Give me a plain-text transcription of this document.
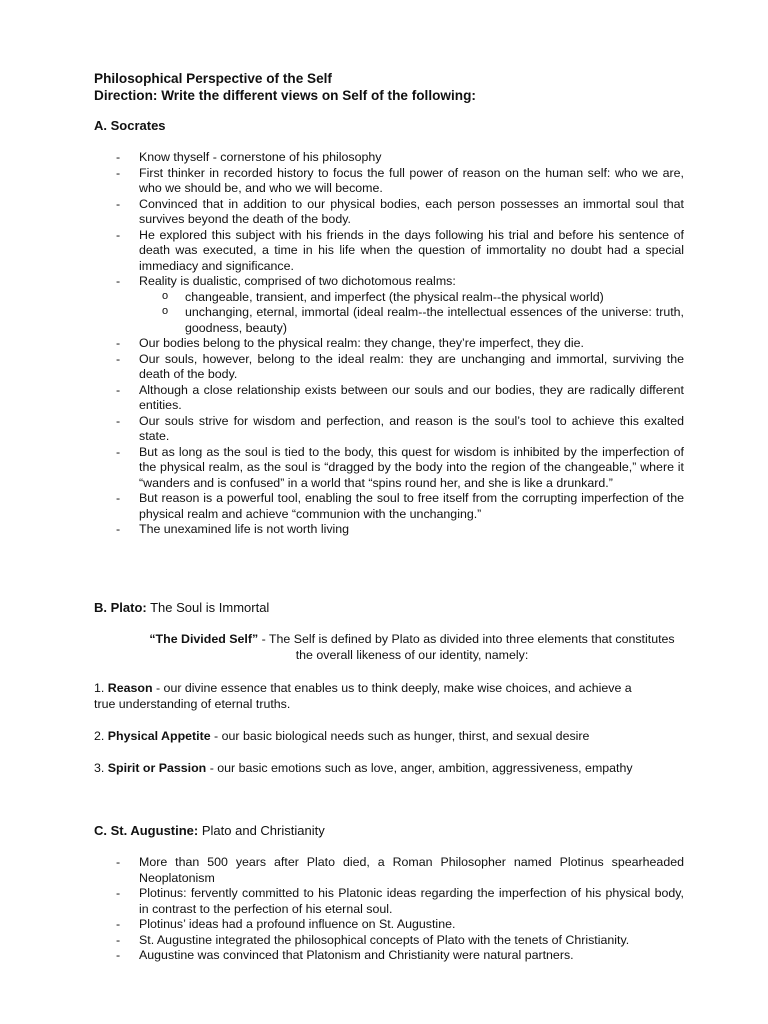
Philosophical Perspective of the Self
Direction: Write the different views on Self of the following:
A. Socrates
- Know thyself - cornerstone of his philosophy
- First thinker in recorded history to focus the full power of reason on the human self: who we are, who we should be, and who we will become.
- Convinced that in addition to our physical bodies, each person possesses an immortal soul that survives beyond the death of the body.
- He explored this subject with his friends in the days following his trial and before his sentence of death was executed, a time in his life when the question of immortality no doubt had a special immediacy and significance.
- Reality is dualistic, comprised of two dichotomous realms:
o changeable, transient, and imperfect (the physical realm--the physical world)
o unchanging, eternal, immortal (ideal realm--the intellectual essences of the universe: truth, goodness, beauty)
- Our bodies belong to the physical realm: they change, they’re imperfect, they die.
- Our souls, however, belong to the ideal realm: they are unchanging and immortal, surviving the death of the body.
- Although a close relationship exists between our souls and our bodies, they are radically different entities.
- Our souls strive for wisdom and perfection, and reason is the soul’s tool to achieve this exalted state.
- But as long as the soul is tied to the body, this quest for wisdom is inhibited by the imperfection of the physical realm, as the soul is “dragged by the body into the region of the changeable,” where it “wanders and is confused” in a world that “spins round her, and she is like a drunkard.”
- But reason is a powerful tool, enabling the soul to free itself from the corrupting imperfection of the physical realm and achieve “communion with the unchanging.”
- The unexamined life is not worth living
B. Plato: The Soul is Immortal
“The Divided Self” - The Self is defined by Plato as divided into three elements that constitutes the overall likeness of our identity, namely:
1. Reason - our divine essence that enables us to think deeply, make wise choices, and achieve a true understanding of eternal truths.
2. Physical Appetite - our basic biological needs such as hunger, thirst, and sexual desire
3. Spirit or Passion - our basic emotions such as love, anger, ambition, aggressiveness, empathy
C. St. Augustine: Plato and Christianity
- More than 500 years after Plato died, a Roman Philosopher named Plotinus spearheaded Neoplatonism
- Plotinus: fervently committed to his Platonic ideas regarding the imperfection of his physical body, in contrast to the perfection of his eternal soul.
- Plotinus’ ideas had a profound influence on St. Augustine.
- St. Augustine integrated the philosophical concepts of Plato with the tenets of Christianity.
- Augustine was convinced that Platonism and Christianity were natural partners.
